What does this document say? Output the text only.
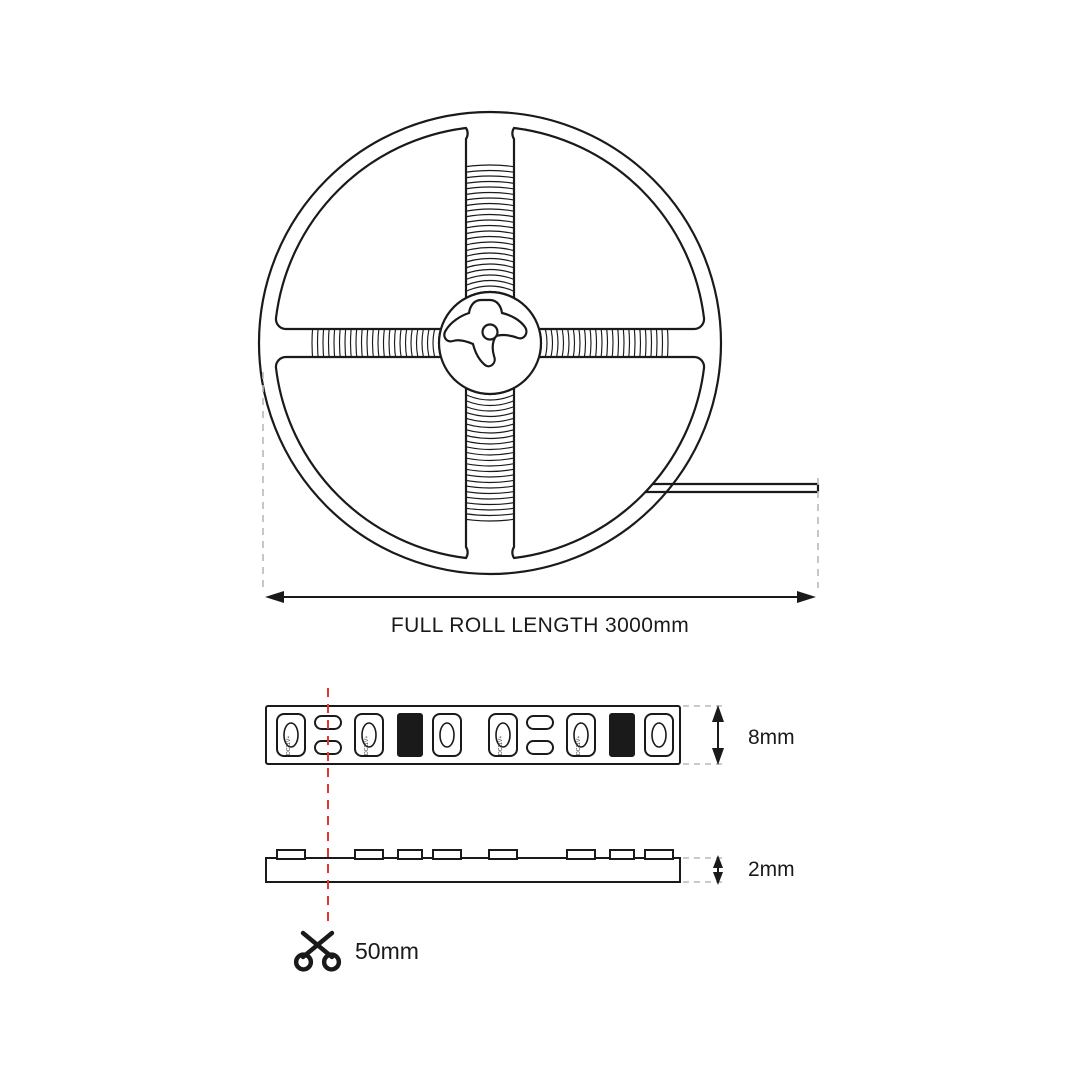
FULL ROLL LENGTH 3000mm
DC11V+	DC11V+	DC11V+	DC11V+	8mm
2mm
50mm
